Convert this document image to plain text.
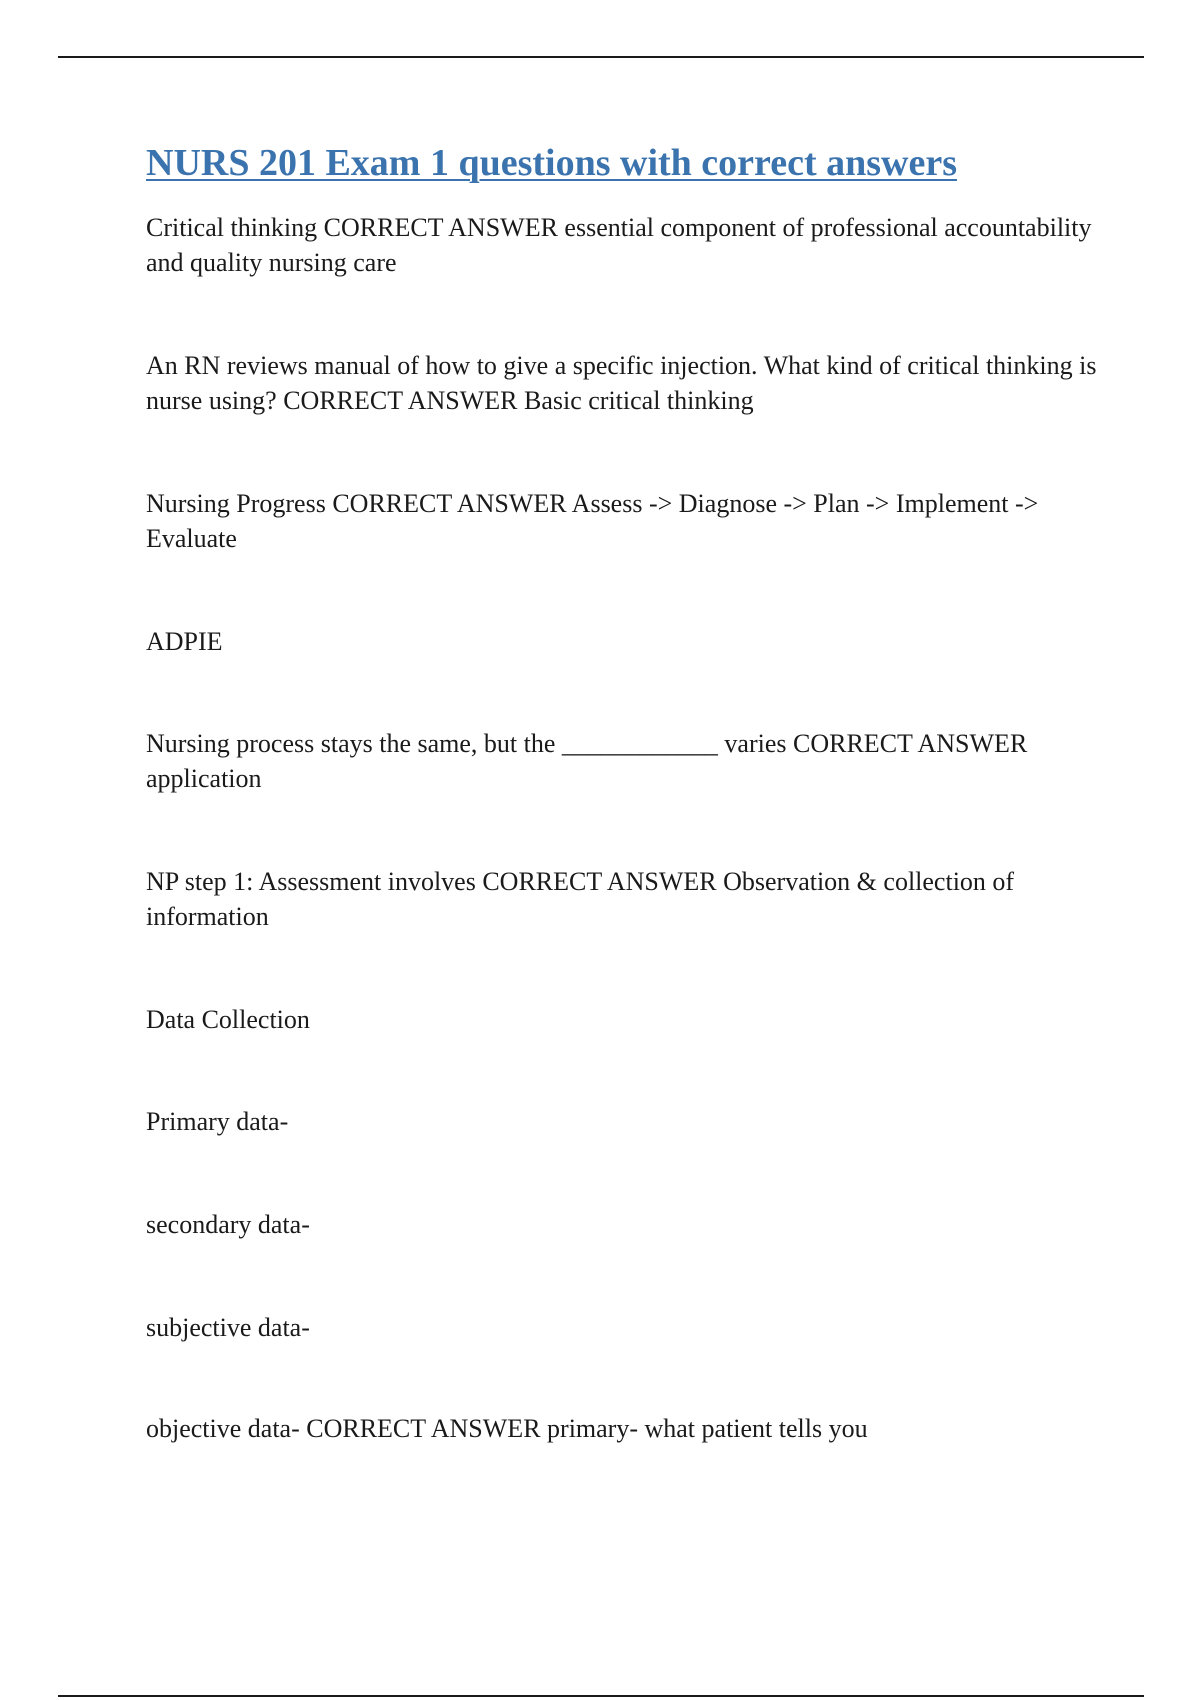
NURS 201 Exam 1 questions with correct answers

Critical thinking CORRECT ANSWER essential component of professional accountability and quality nursing care

An RN reviews manual of how to give a specific injection. What kind of critical thinking is nurse using? CORRECT ANSWER Basic critical thinking

Nursing Progress CORRECT ANSWER Assess -> Diagnose -> Plan -> Implement -> Evaluate

ADPIE

Nursing process stays the same, but the ____________ varies CORRECT ANSWER application

NP step 1: Assessment involves CORRECT ANSWER Observation & collection of information

Data Collection

Primary data-

secondary data-

subjective data-

objective data- CORRECT ANSWER primary- what patient tells you
